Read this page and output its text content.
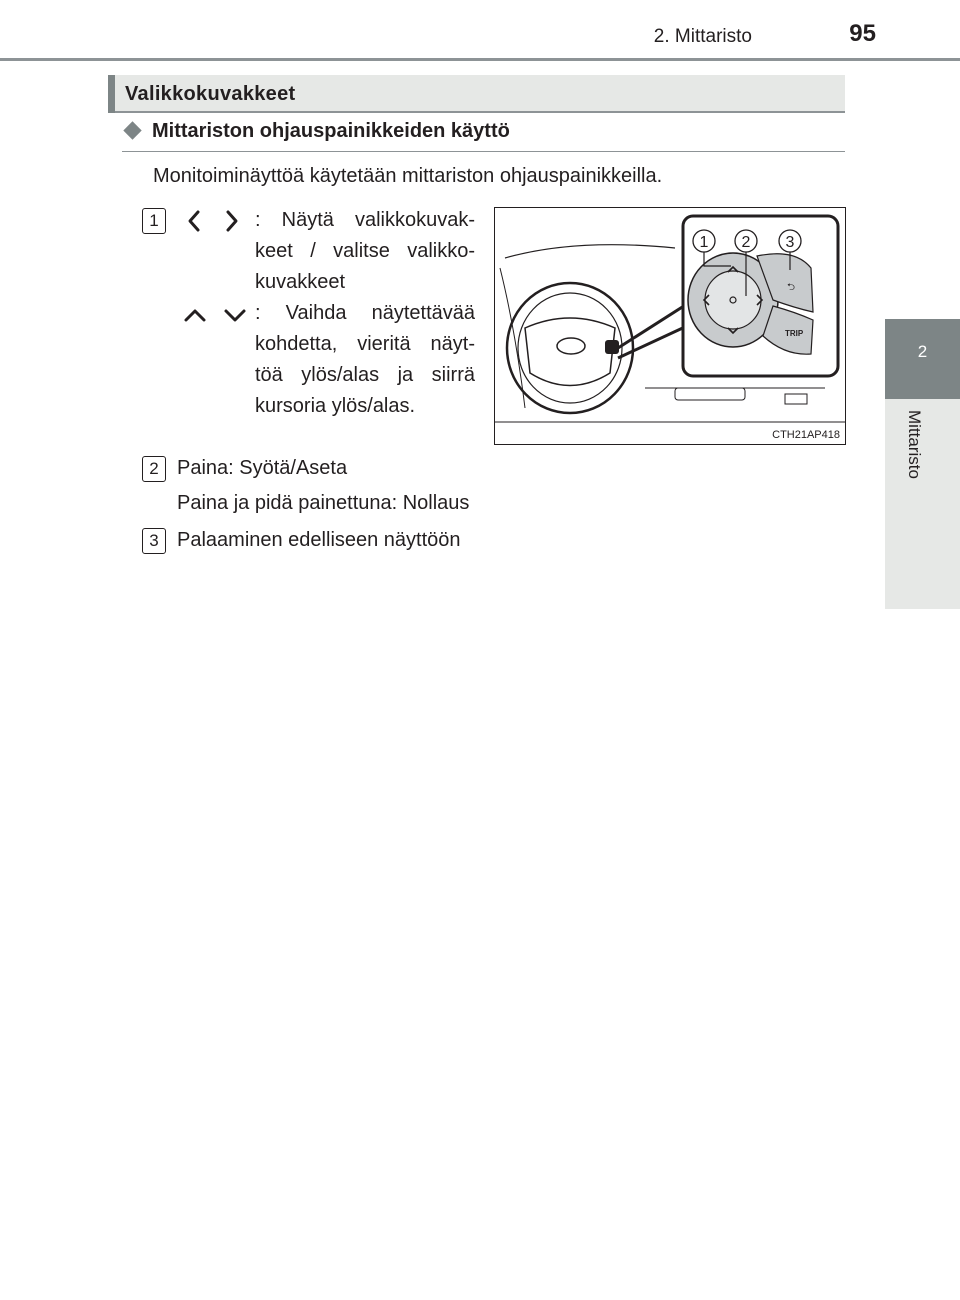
2. Mittaristo	95
2
Mittaristo
Valikkokuvakkeet
Mittariston ohjauspainikkeiden käyttö
Monitoiminäyttöä käytetään mittariston ohjauspainikkeilla.
1	: Näytä valikkokuvak- keet / valitse valikko- kuvakkeet
: Vaihda näytettävää kohdetta, vieritä näyt- töä ylös/alas ja siirrä kursoria ylös/alas.
2 Paina: Syötä/Aseta
Paina ja pidä painettuna: Nollaus
3 Palaaminen edelliseen näyttöön
⮌
TRIP
1 2 3
CTH21AP418
